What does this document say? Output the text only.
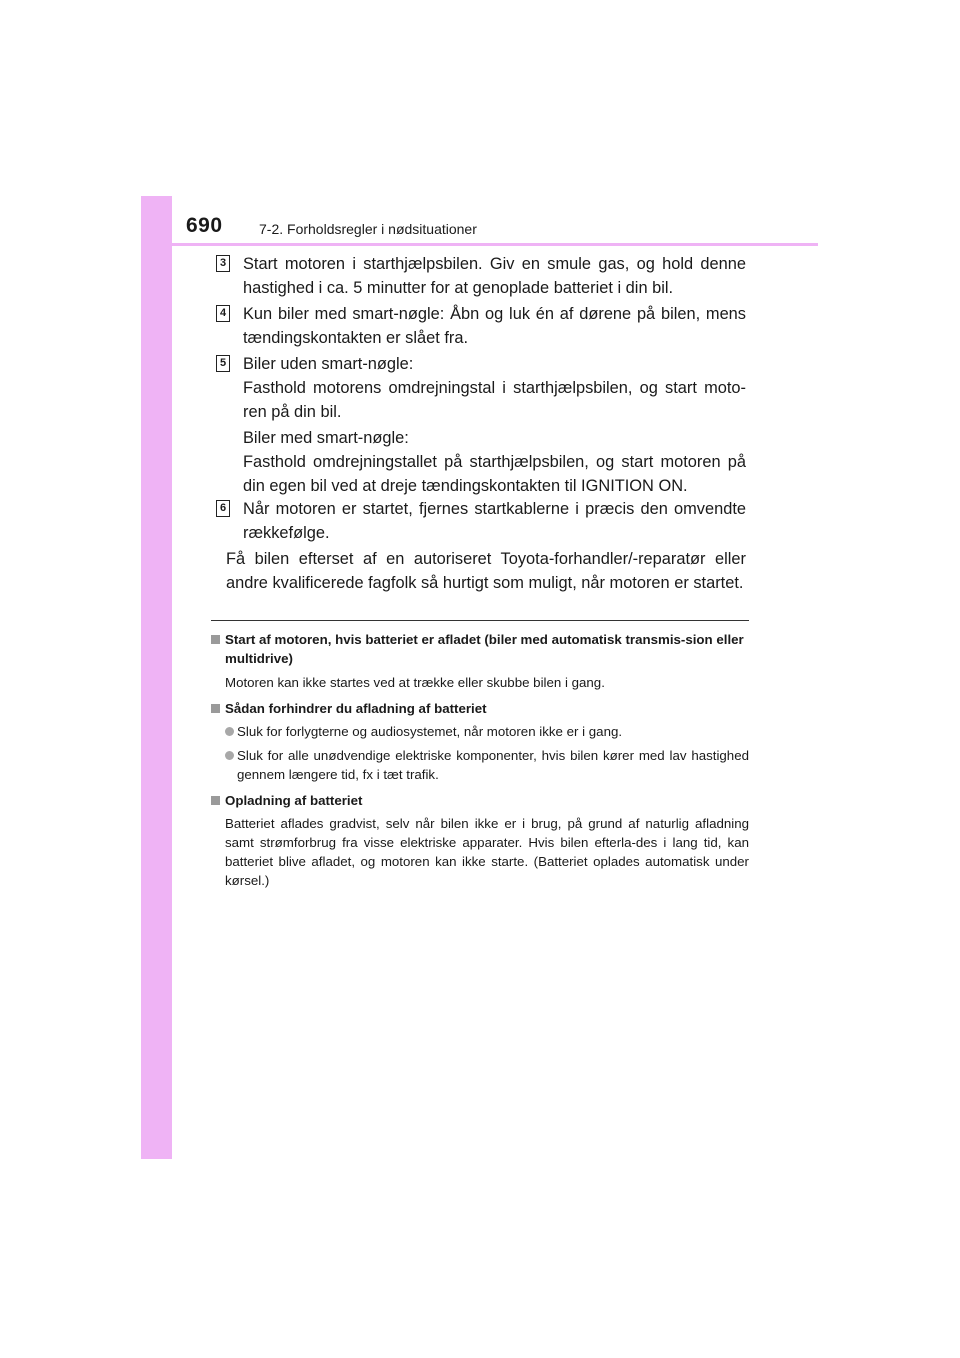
690	7-2. Forholdsregler i nødsituationer
3 Start motoren i starthjælpsbilen. Giv en smule gas, og hold denne hastighed i ca. 5 minutter for at genoplade batteriet i din bil.

4 Kun biler med smart-nøgle: Åbn og luk én af dørene på bilen, mens tændingskontakten er slået fra.

5 Biler uden smart-nøgle:

Fasthold motorens omdrejningstal i starthjælpsbilen, og start moto-ren på din bil.

Biler med smart-nøgle:

Fasthold omdrejningstallet på starthjælpsbilen, og start motoren på din egen bil ved at dreje tændingskontakten til IGNITION ON.

6 Når motoren er startet, fjernes startkablerne i præcis den omvendte rækkefølge.

Få bilen efterset af en autoriseret Toyota-forhandler/-reparatør eller andre kvalificerede fagfolk så hurtigt som muligt, når motoren er startet.
Start af motoren, hvis batteriet er afladet (biler med automatisk transmis-sion eller multidrive)
Motoren kan ikke startes ved at trække eller skubbe bilen i gang.
Sådan forhindrer du afladning af batteriet
Sluk for forlygterne og audiosystemet, når motoren ikke er i gang.
Sluk for alle unødvendige elektriske komponenter, hvis bilen kører med lav hastighed gennem længere tid, fx i tæt trafik.
Opladning af batteriet
Batteriet aflades gradvist, selv når bilen ikke er i brug, på grund af naturlig afladning samt strømforbrug fra visse elektriske apparater. Hvis bilen efterla-des i lang tid, kan batteriet blive afladet, og motoren kan ikke starte. (Batteriet oplades automatisk under kørsel.)
